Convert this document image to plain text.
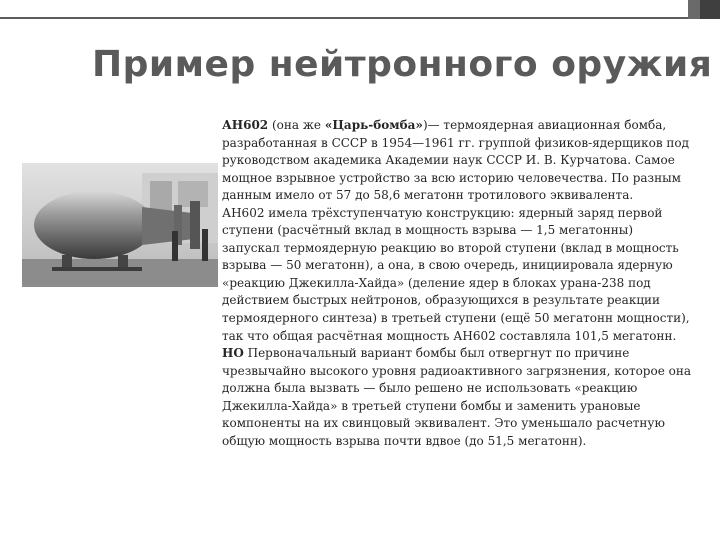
Пример нейтронного оружия

АН602 (она же «Царь-бомба»)— термоядерная авиационная бомба, разработанная в СССР в 1954—1961 гг. группой физиков-ядерщиков под руководством академика Академии наук СССР И. В. Курчатова. Самое мощное взрывное устройство за всю историю человечества. По разным данным имело от 57 до 58,6 мегатонн тротилового эквивалента.

АН602 имела трёхступенчатую конструкцию: ядерный заряд первой ступени (расчётный вклад в мощность взрыва — 1,5 мегатонны) запускал термоядерную реакцию во второй ступени (вклад в мощность взрыва — 50 мегатонн), а она, в свою очередь, инициировала ядерную «реакцию Джекилла-Хайда» (деление ядер в блоках урана-238 под действием быстрых нейтронов, образующихся в результате реакции термоядерного синтеза) в третьей ступени (ещё 50 мегатонн мощности), так что общая расчётная мощность АН602 составляла 101,5 мегатонн. НО Первоначальный вариант бомбы был отвергнут по причине чрезвычайно высокого уровня радиоактивного загрязнения, которое она должна была вызвать — было решено не использовать «реакцию Джекилла-Хайда» в третьей ступени бомбы и заменить урановые компоненты на их свинцовый эквивалент. Это уменьшало расчетную общую мощность взрыва почти вдвое (до 51,5 мегатонн).
